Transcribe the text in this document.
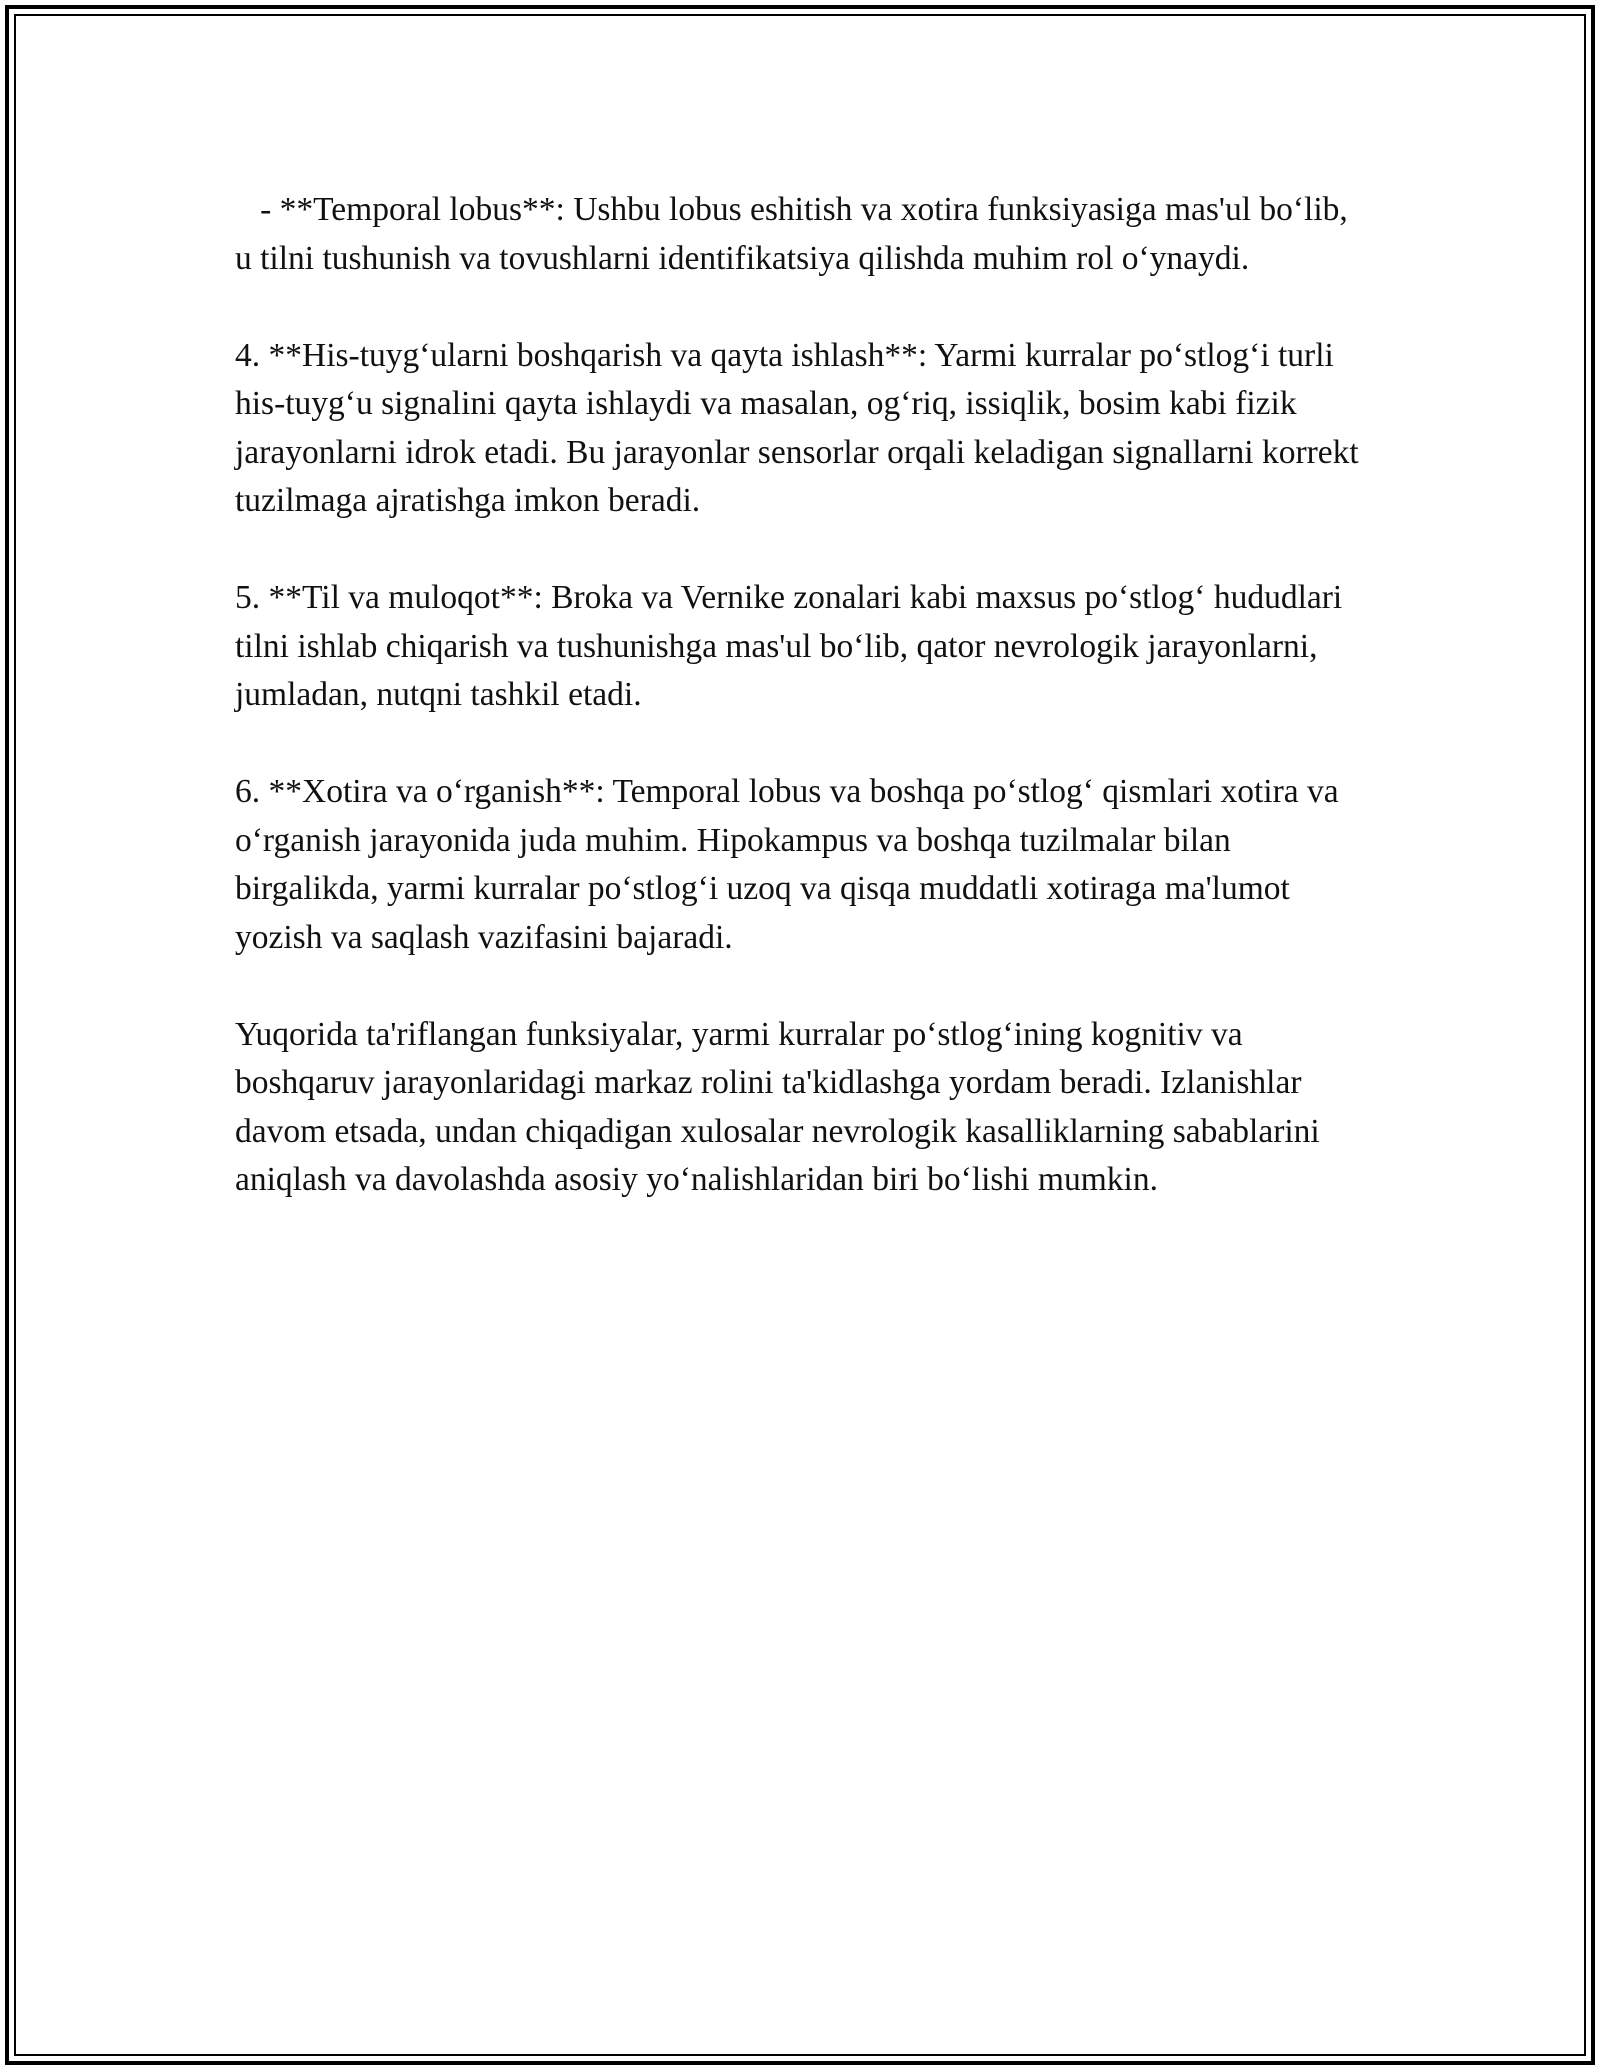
- **Temporal lobus**: Ushbu lobus eshitish va xotira funksiyasiga mas'ul bo‘lib, u tilni tushunish va tovushlarni identifikatsiya qilishda muhim rol o‘ynaydi.

4. **His-tuyg‘ularni boshqarish va qayta ishlash**: Yarmi kurralar po‘stlog‘i turli his-tuyg‘u signalini qayta ishlaydi va masalan, og‘riq, issiqlik, bosim kabi fizik jarayonlarni idrok etadi. Bu jarayonlar sensorlar orqali keladigan signallarni korrekt tuzilmaga ajratishga imkon beradi.

5. **Til va muloqot**: Broka va Vernike zonalari kabi maxsus po‘stlog‘ hududlari tilni ishlab chiqarish va tushunishga mas'ul bo‘lib, qator nevrologik jarayonlarni, jumladan, nutqni tashkil etadi.

6. **Xotira va o‘rganish**: Temporal lobus va boshqa po‘stlog‘ qismlari xotira va o‘rganish jarayonida juda muhim. Hipokampus va boshqa tuzilmalar bilan birgalikda, yarmi kurralar po‘stlog‘i uzoq va qisqa muddatli xotiraga ma'lumot yozish va saqlash vazifasini bajaradi.

Yuqorida ta'riflangan funksiyalar, yarmi kurralar po‘stlog‘ining kognitiv va boshqaruv jarayonlaridagi markaz rolini ta'kidlashga yordam beradi. Izlanishlar davom etsada, undan chiqadigan xulosalar nevrologik kasalliklarning sabablarini aniqlash va davolashda asosiy yo‘nalishlaridan biri bo‘lishi mumkin.
